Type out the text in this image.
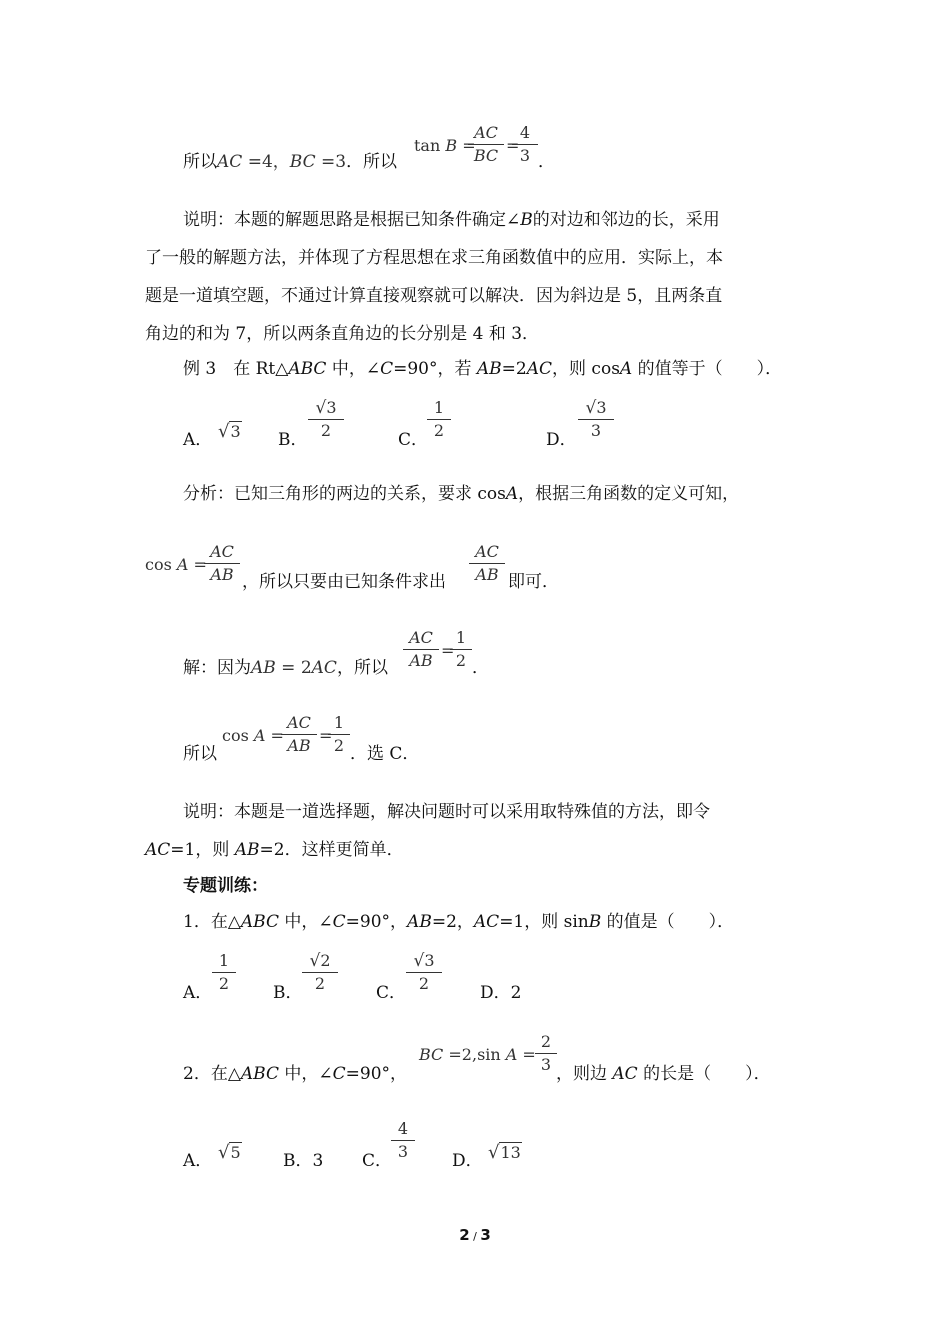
所以AC =4，BC =3．所以
tan B =
AC
BC
=
4
3 ．
说明：本题的解题思路是根据已知条件确定∠B的对边和邻边的长，采用
了一般的解题方法，并体现了方程思想在求三角函数值中的应用．实际上，本
题是一道填空题，不通过计算直接观察就可以解决．因为斜边是 5，且两条直
角边的和为 7，所以两条直角边的长分别是 4 和 3．
例 3　在 Rt△ABC 中，∠C=90°，若 AB=2AC，则 cosA 的值等于（　　）．
A． √3 B．
√3
2	C．
1
2	D．
√3
3
分析：已知三角形的两边的关系，要求 cosA，根据三角函数的定义可知，
cos A =
AC
AB ，所以只要由已知条件求出
AC
AB 即可．
解：因为AB = 2AC，所以
AC
AB
=
1
2 ．
所以
cos A =
AC
AB
=
1
2 ．选 C．
说明：本题是一道选择题，解决问题时可以采用取特殊值的方法，即令
AC=1，则 AB=2．这样更简单．
专题训练：
1．在△ABC 中，∠C=90°，AB=2，AC=1，则 sinB 的值是（　　）．
A．
1
2	B．
√2
2	C．
√3
2	D．2
2．在△ABC 中，∠C=90°，
BC =2,sin A =
2
3 ，则边 AC 的长是（　　）．
A． √5 B．3 C．
4
3	D． √13
2 / 3
